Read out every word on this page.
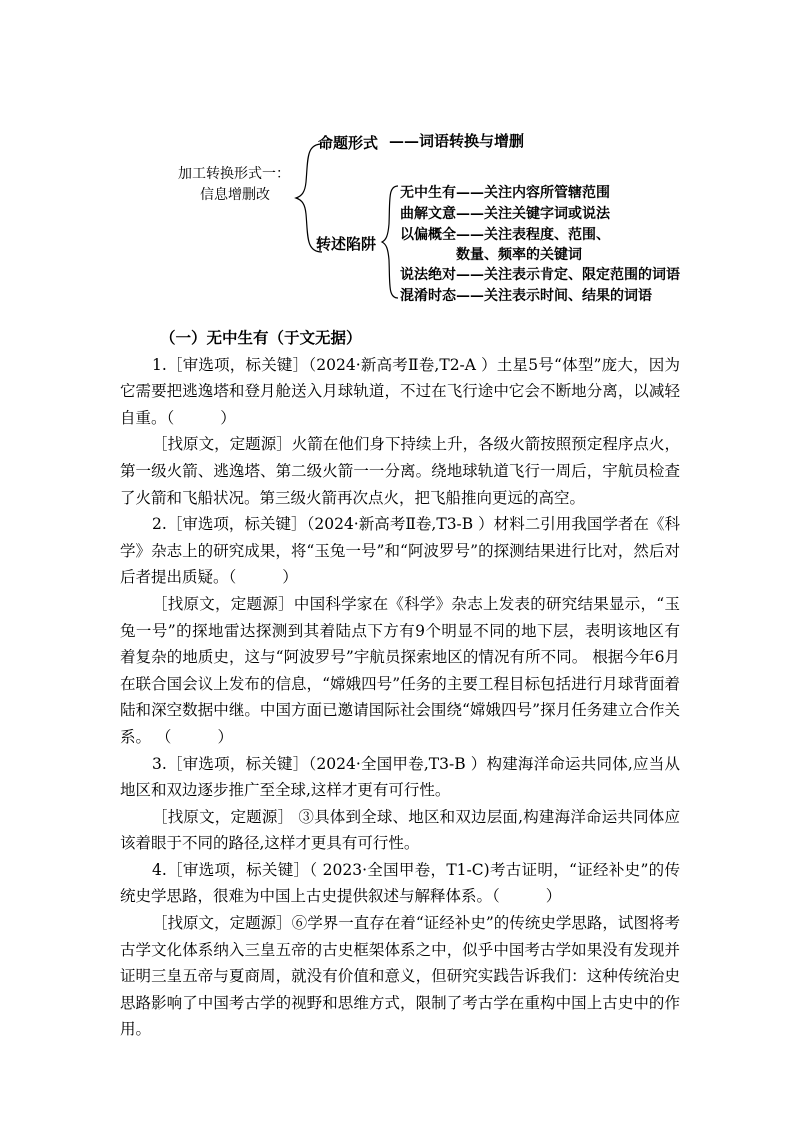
加工转换形式一：
信息增删改
命题形式 ——词语转换与增删
转述陷阱
无中生有——关注内容所管辖范围
曲解文意——关注关键字词或说法
以偏概全——关注表程度、范围、
数量、频率的关键词
说法绝对——关注表示肯定、限定范围的词语
混淆时态——关注表示时间、结果的词语
（一）无中生有（于文无据）

1.［审选项，标关键］（2024·新高考Ⅱ卷,T2-A ）土星5号“体型”庞大，因为它需要把逃逸塔和登月舱送入月球轨道，不过在飞行途中它会不断地分离，以减轻自重。（	）

［找原文，定题源］火箭在他们身下持续上升，各级火箭按照预定程序点火，第一级火箭、逃逸塔、第二级火箭一一分离。绕地球轨道飞行一周后，宇航员检查了火箭和飞船状况。第三级火箭再次点火，把飞船推向更远的高空。

2.［审选项，标关键］（2024·新高考Ⅱ卷,T3-B ）材料二引用我国学者在《科学》杂志上的研究成果，将“玉兔一号”和“阿波罗号”的探测结果进行比对，然后对后者提出质疑。（	）

［找原文，定题源］中国科学家在《科学》杂志上发表的研究结果显示，“玉兔一号”的探地雷达探测到其着陆点下方有9个明显不同的地下层，表明该地区有着复杂的地质史，这与“阿波罗号”宇航员探索地区的情况有所不同。 根据今年6月在联合国会议上发布的信息，“嫦娥四号”任务的主要工程目标包括进行月球背面着陆和深空数据中继。中国方面已邀请国际社会围绕“嫦娥四号”探月任务建立合作关系。 （	）

3.［审选项，标关键］（2024·全国甲卷,T3-B ）构建海洋命运共同体,应当从地区和双边逐步推广至全球,这样才更有可行性。

［找原文，定题源］ ③具体到全球、地区和双边层面,构建海洋命运共同体应该着眼于不同的路径,这样才更具有可行性。

4.［审选项，标关键］（ 2023·全国甲卷，T1-C)考古证明，“证经补史”的传统史学思路，很难为中国上古史提供叙述与解释体系。（	）

［找原文，定题源］⑥学界一直存在着“证经补史”的传统史学思路，试图将考古学文化体系纳入三皇五帝的古史框架体系之中，似乎中国考古学如果没有发现并证明三皇五帝与夏商周，就没有价值和意义，但研究实践告诉我们：这种传统治史思路影响了中国考古学的视野和思维方式，限制了考古学在重构中国上古史中的作用。
